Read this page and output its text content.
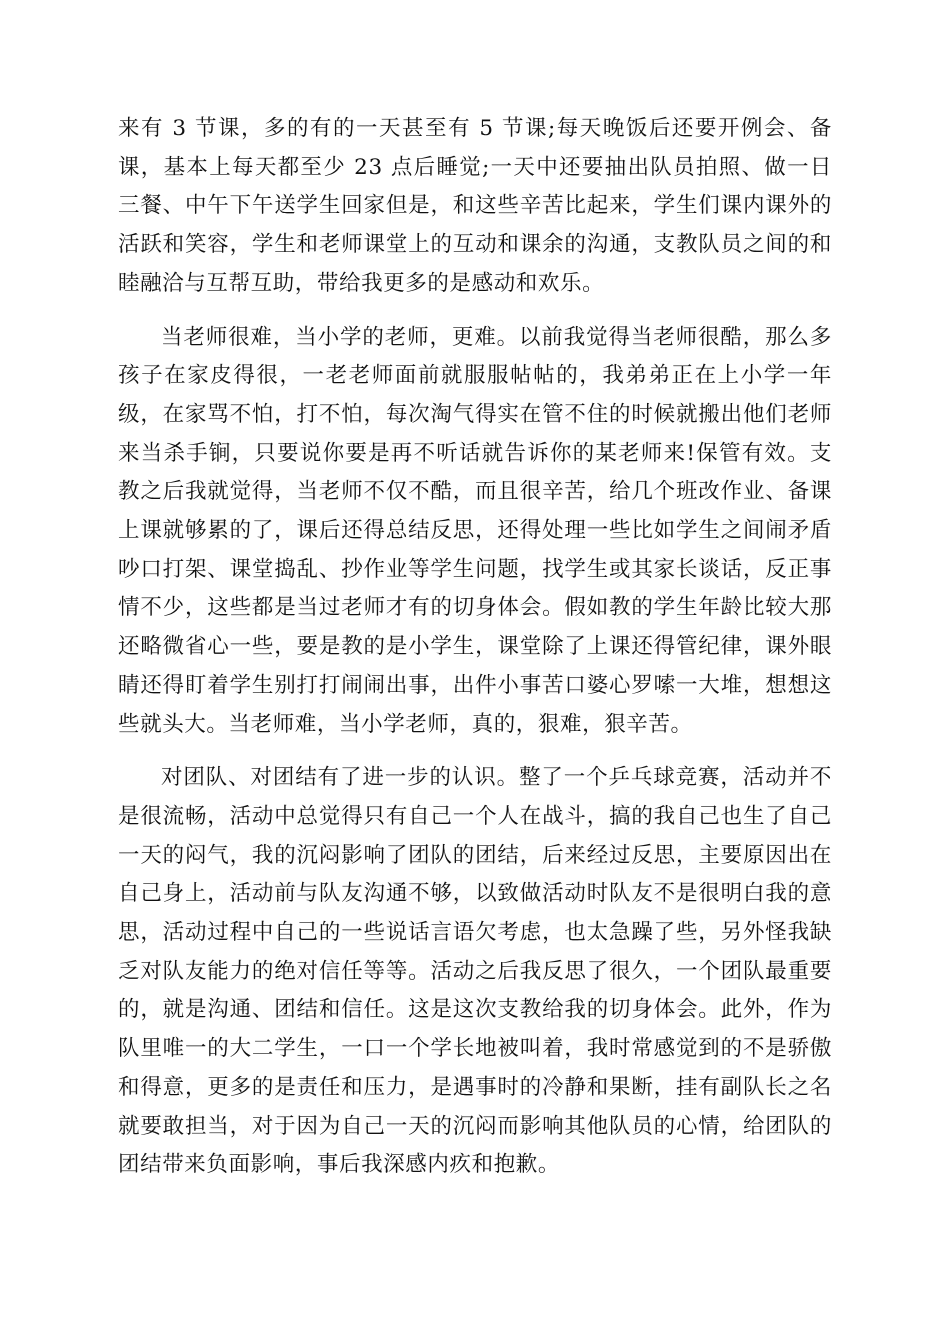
来有 3 节课，多的有的一天甚至有 5 节课;每天晚饭后还要开例会、备课，基本上每天都至少 23 点后睡觉;一天中还要抽出队员拍照、做一日三餐、中午下午送学生回家但是，和这些辛苦比起来，学生们课内课外的活跃和笑容，学生和老师课堂上的互动和课余的沟通，支教队员之间的和睦融洽与互帮互助，带给我更多的是感动和欢乐。

当老师很难，当小学的老师，更难。以前我觉得当老师很酷，那么多孩子在家皮得很，一老老师面前就服服帖帖的，我弟弟正在上小学一年级，在家骂不怕，打不怕，每次淘气得实在管不住的时候就搬出他们老师来当杀手锏，只要说你要是再不听话就告诉你的某老师来!保管有效。支教之后我就觉得，当老师不仅不酷，而且很辛苦，给几个班改作业、备课上课就够累的了，课后还得总结反思，还得处理一些比如学生之间闹矛盾吵口打架、课堂捣乱、抄作业等学生问题，找学生或其家长谈话，反正事情不少，这些都是当过老师才有的切身体会。假如教的学生年龄比较大那还略微省心一些，要是教的是小学生，课堂除了上课还得管纪律，课外眼睛还得盯着学生别打打闹闹出事，出件小事苦口婆心罗嗦一大堆，想想这些就头大。当老师难，当小学老师，真的，狠难，狠辛苦。

对团队、对团结有了进一步的认识。整了一个乒乓球竞赛，活动并不是很流畅，活动中总觉得只有自己一个人在战斗，搞的我自己也生了自己一天的闷气，我的沉闷影响了团队的团结，后来经过反思，主要原因出在自己身上，活动前与队友沟通不够，以致做活动时队友不是很明白我的意思，活动过程中自己的一些说话言语欠考虑，也太急躁了些，另外怪我缺乏对队友能力的绝对信任等等。活动之后我反思了很久，一个团队最重要的，就是沟通、团结和信任。这是这次支教给我的切身体会。此外，作为队里唯一的大二学生，一口一个学长地被叫着，我时常感觉到的不是骄傲和得意，更多的是责任和压力，是遇事时的冷静和果断，挂有副队长之名就要敢担当，对于因为自己一天的沉闷而影响其他队员的心情，给团队的团结带来负面影响，事后我深感内疚和抱歉。
